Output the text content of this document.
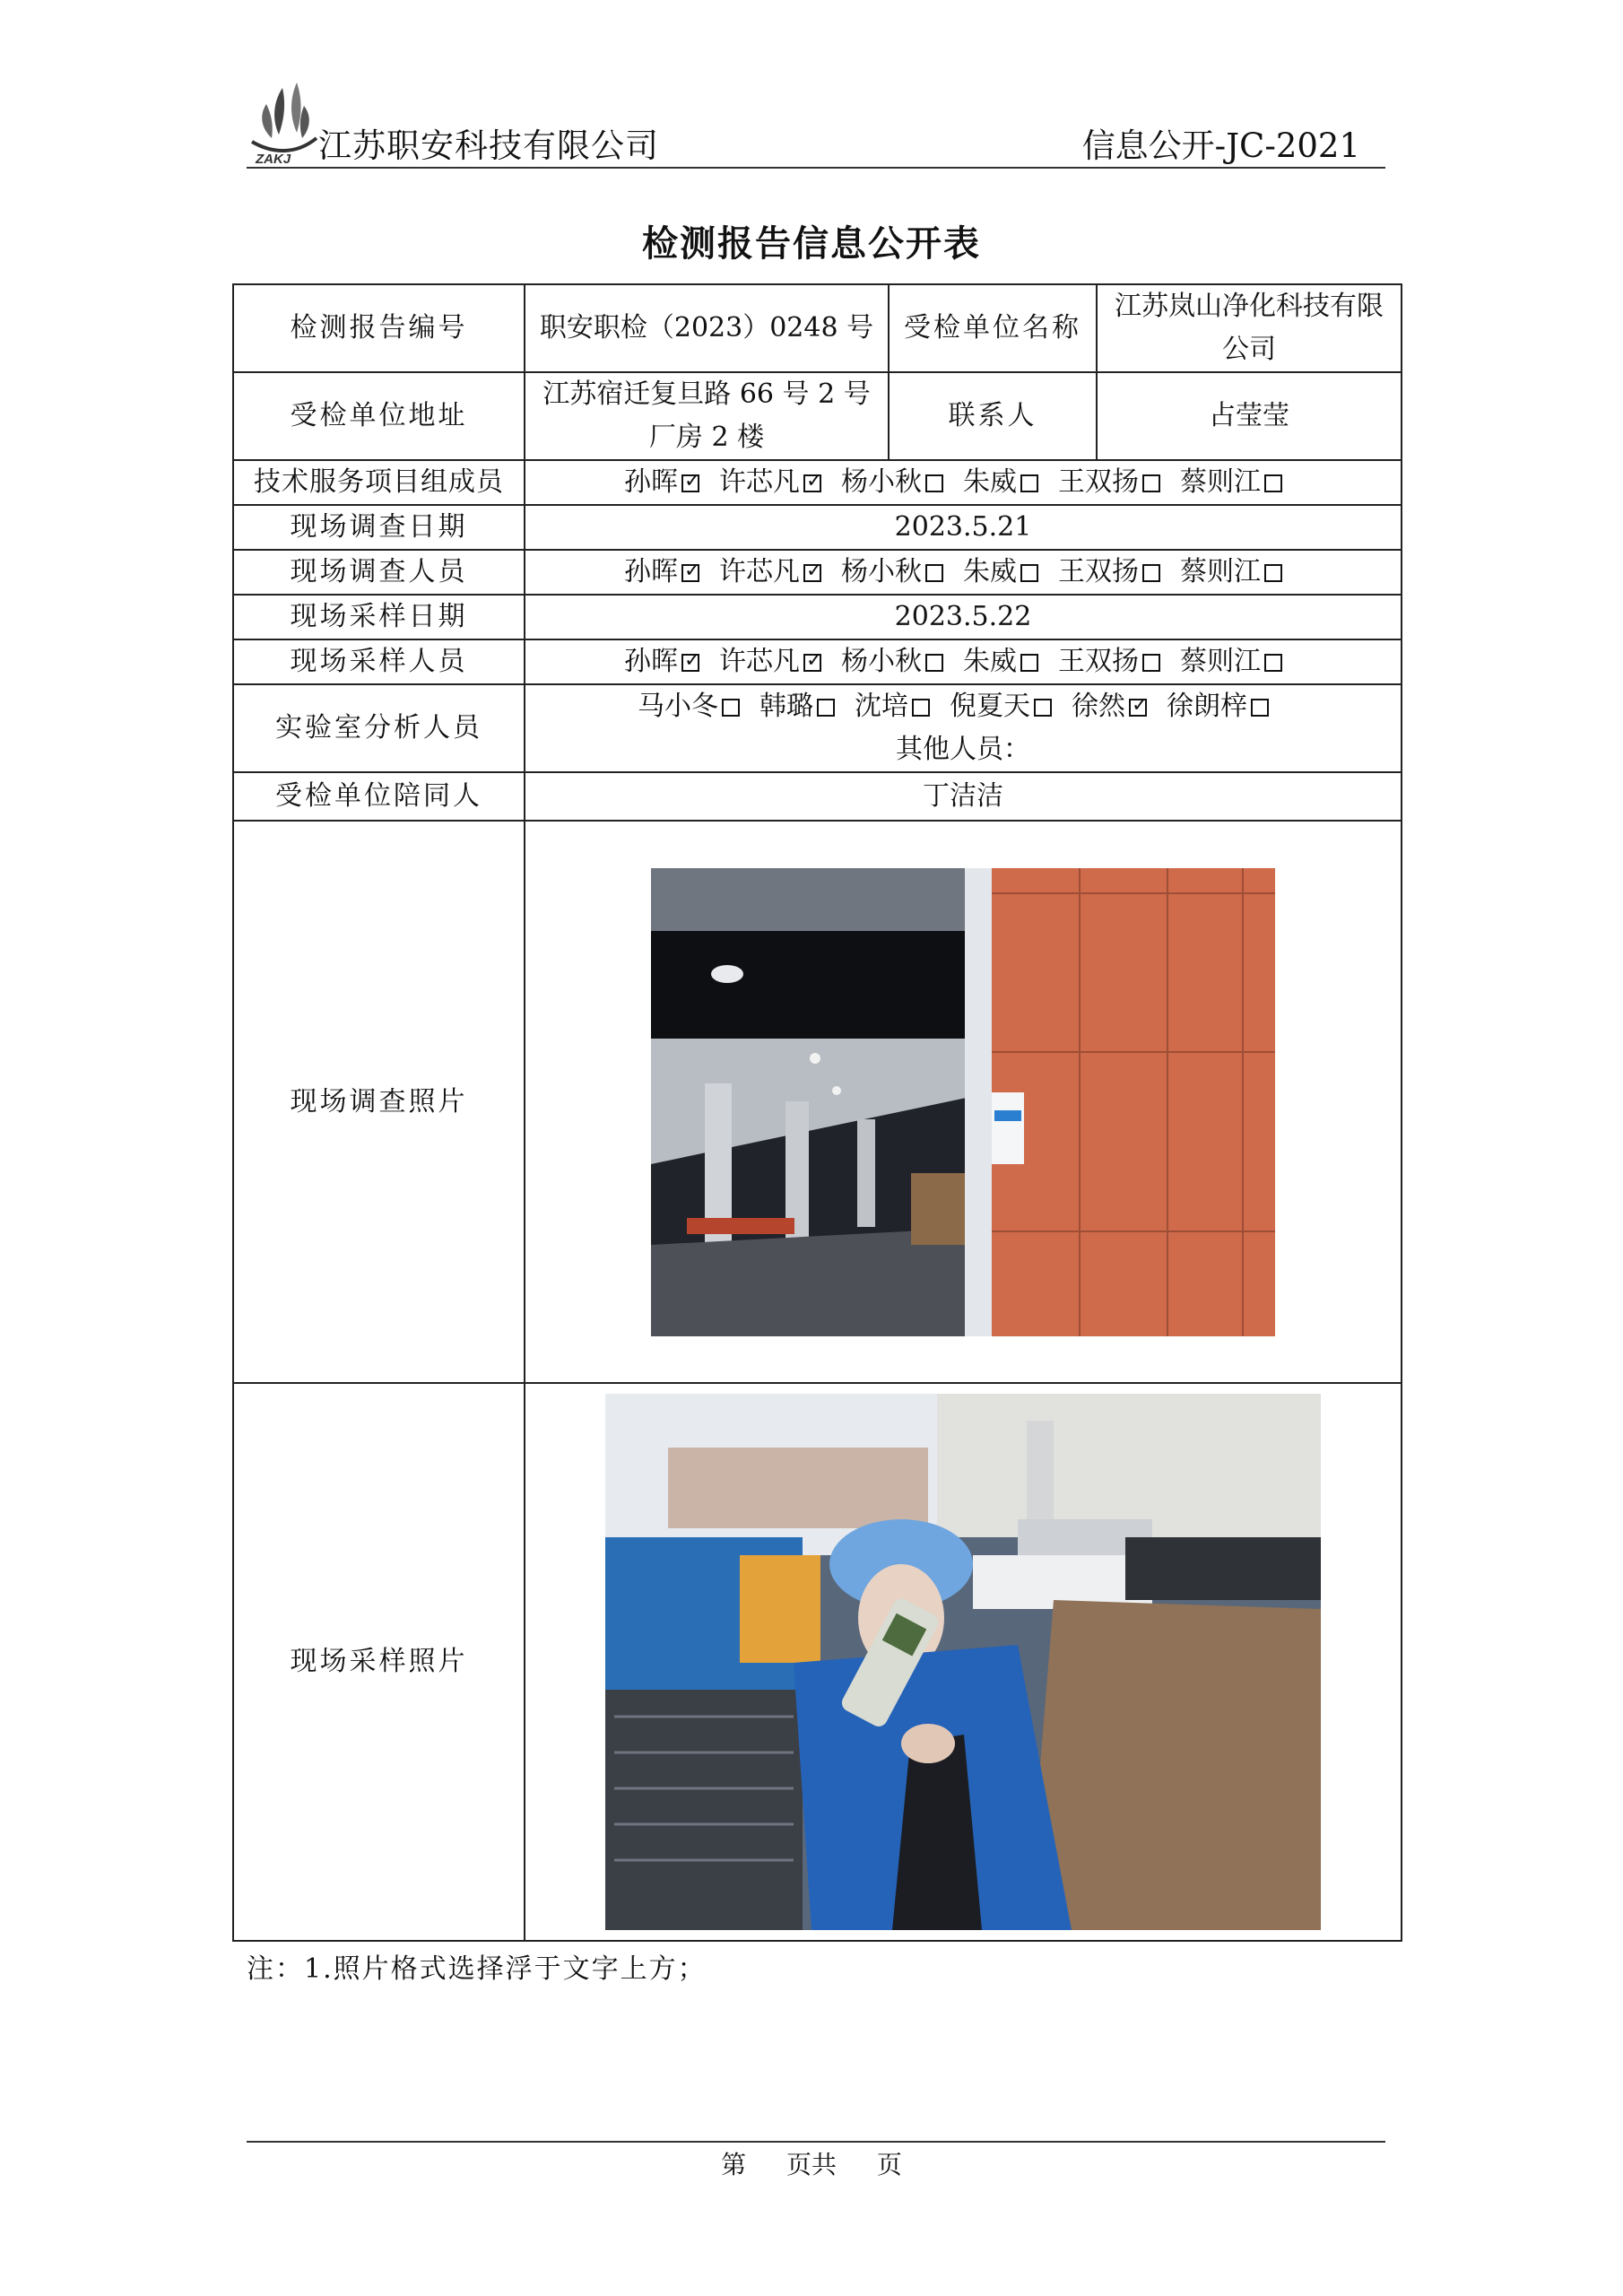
ZAKJ 江苏职安科技有限公司	信息公开-JC-2021
检测报告信息公开表
检测报告编号	职安职检（2023）0248 号	受检单位名称	江苏岚山净化科技有限公司
受检单位地址	江苏宿迁复旦路 66 号 2 号厂房 2 楼	联系人	占莹莹
技术服务项目组成员	孙晖 ✓ 许芯凡 ✓ 杨小秋 朱威 王双扬 蔡则江
现场调查日期	2023.5.21		
现场调查人员	孙晖 ✓ 许芯凡 ✓ 杨小秋 朱威 王双扬 蔡则江
现场采样日期	2023.5.22		
现场采样人员	孙晖 ✓ 许芯凡 ✓ 杨小秋 朱威 王双扬 蔡则江
实验室分析人员	马小冬 韩璐 沈培 倪夏天 徐然 ✓ 徐朗梓
其他人员：

受检单位陪同人	丁洁洁		
现场调查照片	

现场采样照片	
注：1.照片格式选择浮于文字上方；
第 页共 页
